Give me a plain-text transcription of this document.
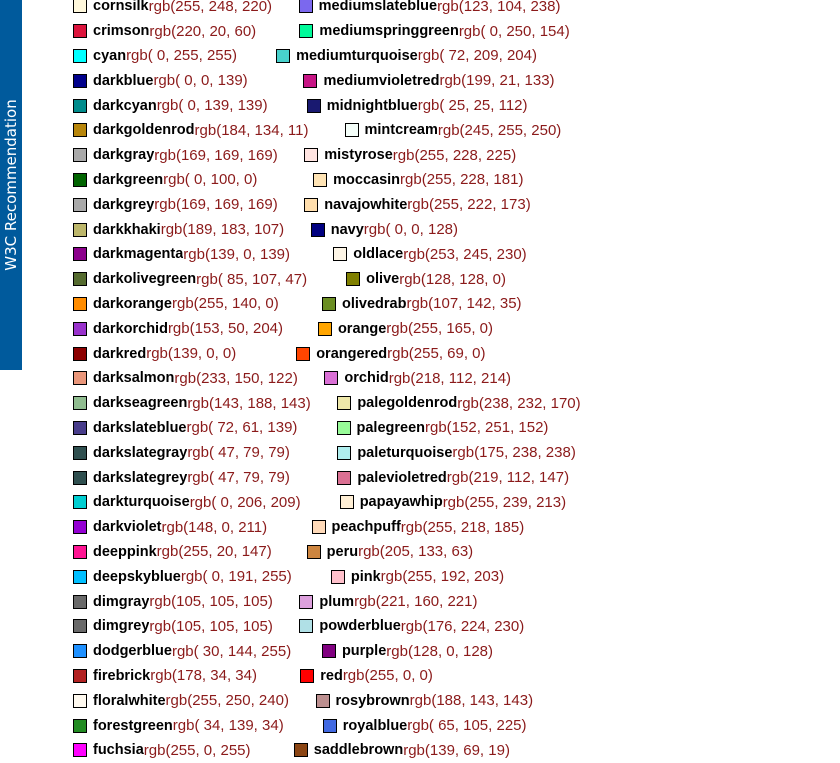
W3C Recommendation
cornsilk rgb(255, 248, 220)	mediumslateblue rgb(123, 104, 238)
crimson rgb(220, 20, 60)	mediumspringgreen rgb( 0, 250, 154)
cyan rgb( 0, 255, 255)	mediumturquoise rgb( 72, 209, 204)
darkblue rgb( 0, 0, 139)	mediumvioletred rgb(199, 21, 133)
darkcyan rgb( 0, 139, 139)	midnightblue rgb( 25, 25, 112)
darkgoldenrod rgb(184, 134, 11)	mintcream rgb(245, 255, 250)
darkgray rgb(169, 169, 169)	mistyrose rgb(255, 228, 225)
darkgreen rgb( 0, 100, 0)	moccasin rgb(255, 228, 181)
darkgrey rgb(169, 169, 169)	navajowhite rgb(255, 222, 173)
darkkhaki rgb(189, 183, 107)	navy rgb( 0, 0, 128)
darkmagenta rgb(139, 0, 139)	oldlace rgb(253, 245, 230)
darkolivegreen rgb( 85, 107, 47)	olive rgb(128, 128, 0)
darkorange rgb(255, 140, 0)	olivedrab rgb(107, 142, 35)
darkorchid rgb(153, 50, 204)	orange rgb(255, 165, 0)
darkred rgb(139, 0, 0)	orangered rgb(255, 69, 0)
darksalmon rgb(233, 150, 122)	orchid rgb(218, 112, 214)
darkseagreen rgb(143, 188, 143)	palegoldenrod rgb(238, 232, 170)
darkslateblue rgb( 72, 61, 139)	palegreen rgb(152, 251, 152)
darkslategray rgb( 47, 79, 79)	paleturquoise rgb(175, 238, 238)
darkslategrey rgb( 47, 79, 79)	palevioletred rgb(219, 112, 147)
darkturquoise rgb( 0, 206, 209)	papayawhip rgb(255, 239, 213)
darkviolet rgb(148, 0, 211)	peachpuff rgb(255, 218, 185)
deeppink rgb(255, 20, 147)	peru rgb(205, 133, 63)
deepskyblue rgb( 0, 191, 255)	pink rgb(255, 192, 203)
dimgray rgb(105, 105, 105)	plum rgb(221, 160, 221)
dimgrey rgb(105, 105, 105)	powderblue rgb(176, 224, 230)
dodgerblue rgb( 30, 144, 255)	purple rgb(128, 0, 128)
firebrick rgb(178, 34, 34)	red rgb(255, 0, 0)
floralwhite rgb(255, 250, 240)	rosybrown rgb(188, 143, 143)
forestgreen rgb( 34, 139, 34)	royalblue rgb( 65, 105, 225)
fuchsia rgb(255, 0, 255)	saddlebrown rgb(139, 69, 19)
